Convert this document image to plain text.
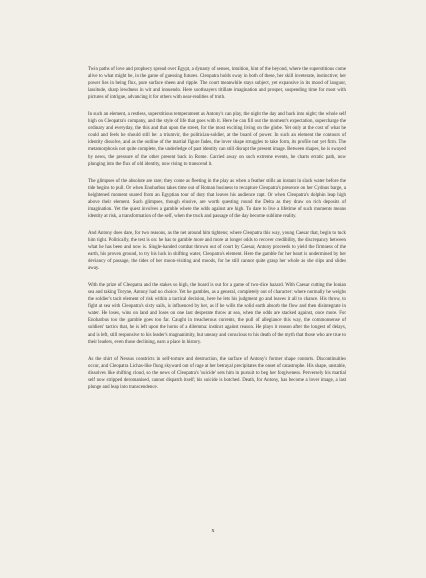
Twin paths of love and prophecy spread over Egypt, a dynasty of senses, intuition, hint of the beyond, where the superstitious come alive to what might be, in the game of guessing futures. Cleopatra holds sway in both of these, her skill inveterate, instinctive; her power lies in being flux, pure surface sheen and ripple. The court meanwhile stays subject, yet expansive in its mood of languor, lassitude, sharp lewdness in wit and innuendo. Here soothsayers titillate imagination and prosper, suspending time for most with pictures of intrigue, advancing it for others with near-realities of truth.

In such an element, a restless, superstitious temperament as Antony's can play, the night the day and back into night; the whole self high on Cleopatra's company, and the style of life that goes with it. Here he can fill out the moment's expectation, supercharge the ordinary and everyday, the this and that upon the street, for the most exciting living on the globe. Yet only at the cost of what he could and feels he should still be: a triumvir, the politician-soldier, at the board of power. In such an element the contours of identity dissolve, and as the outline of the martial figure fades, the lover shape struggles to take form, its profile not yet firm. The metamorphosis not quite complete, the underledge of past identity can still disrupt the present image. Between shapes, he is swayed by news, the pressure of the other present back in Rome. Carried away on such extreme events, he charts erratic path, now plunging into the flux of old identity, now rising to transcend it.

The glimpses of the absolute are rare; they come as fleeting in the play as when a feather stills an instant in slack water before the tide begins to pull. Or when Enobarbus takes time out of Roman business to recapture Cleopatra's presence on her Cydnus barge, a heightened moment snared from an Egyptian tour of duty that leaves his audience rapt. Or when Cleopatra's dolphin leap high above their element. Such glimpses, though elusive, are worth questing round the Delta as they draw on rich deposits of imagination. Yet the quest involves a gamble where the odds against are high. To dare to live a lifetime of such moments means identity at risk, a transformation of the self, when the truck and passage of the day become sublime reality.

And Antony does dare, for two reasons, as the net around him tightens; where Cleopatra this way, young Caesar that, begin to tuck him tight. Politically, the test is on: he has to gamble more and more at longer odds to recover credibility, the discrepancy between what he has been and now is. Single-handed combat thrown out of court by Caesar, Antony proceeds to yield the firmness of the earth, his proven ground, to try his luck in shifting water, Cleopatra's element. Here the gamble for her heart is undermined by her deviancy of passage, the tides of her moon-visiting and moods, for he still cannot quite grasp her whole as she slips and slides away.

With the prize of Cleopatra and the stakes so high, the board is out for a game of two-dice hazard. With Caesar cutting the Ionian sea and taking Toryne, Antony had no choice. Yet he gambles, as a general, completely out of character: where normally he weighs the soldier's tacit element of risk within a tactical decision, here he lets his judgment go and leaves it all to chance. His throw, to fight at sea with Cleopatra's sixty sails, is influenced by her, as if he wills the solid earth absorb the flow and then disintegrate in water. He loses, wins on land and loses on one last desperate throw at sea, when the odds are stacked against, once more. For Enobarbus too the gamble goes too far. Caught in treacherous currents, the pull of allegiance this way, the commonsense of soldiers' tactics that, he is left upon the horns of a dilemma: instinct against reason. He plays it reason after the longest of delays, and is left, still responsive to his leader's magnanimity, but uneasy and conscious to his death of the myth that those who are true to their leaders, even those declining, earn a place in history.

As the shirt of Nessus constricts in self-torture and destruction, the surface of Antony's former shape contorts. Discontinuities occur, and Cleopatra Lichas-like flung skyward out of rage at her betrayal precipitates the onset of catastrophe. His shape, unstable, dissolves like shifting cloud, so the news of Cleopatra's 'suicide' sets him in pursuit to beg her forgiveness. Perversely his martial self now stripped deromanised, cannot dispatch itself; his suicide is botched. Death, for Antony, has become a lover image, a last plunge and leap into transcendence.

x
